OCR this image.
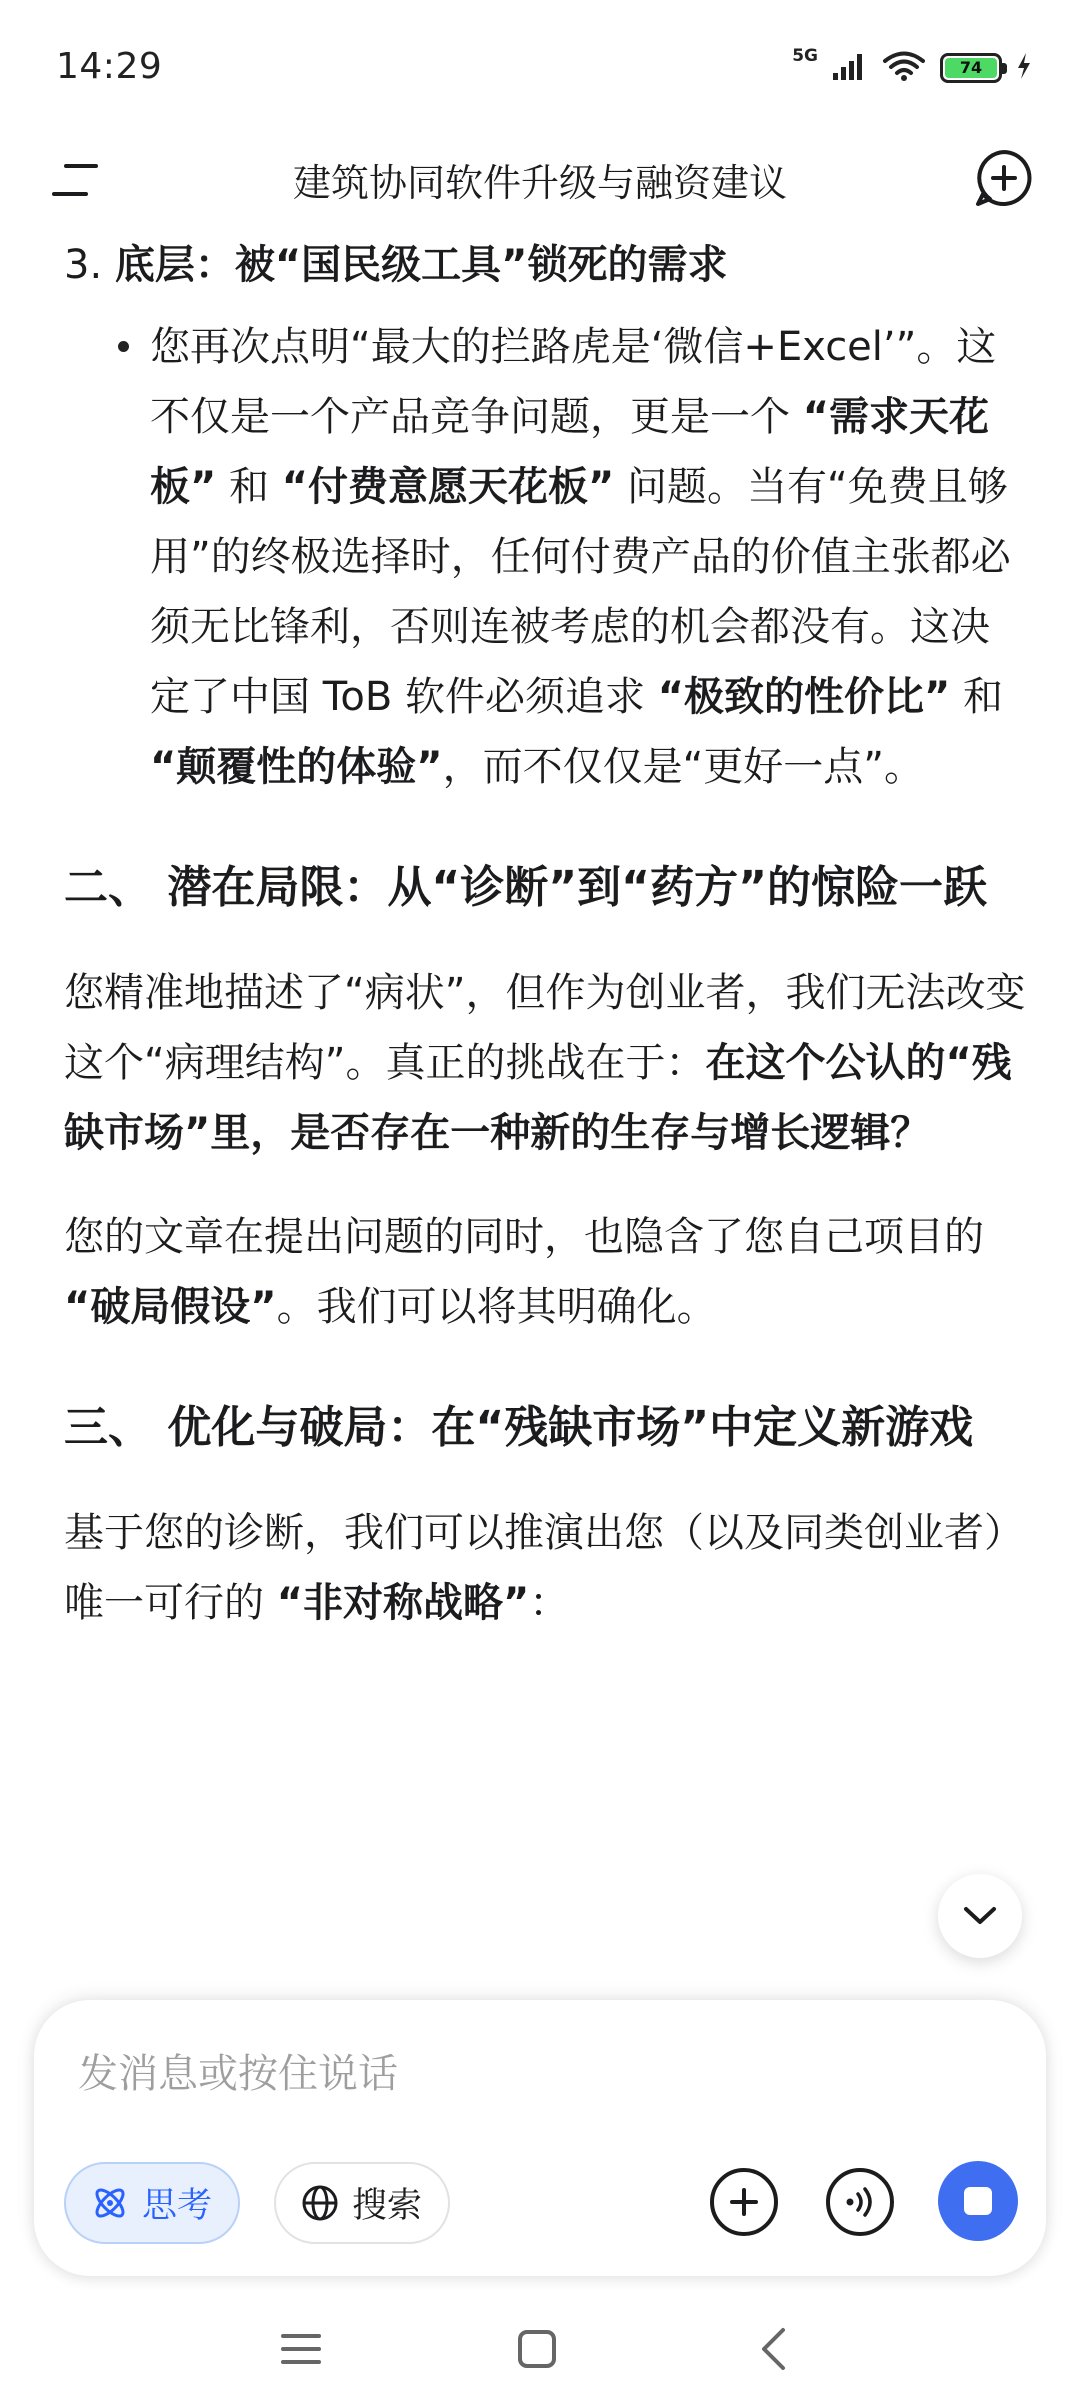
14:29	5G
74
建筑协同软件升级与融资建议
3. 底层：被“国民级工具”锁死的需求
您再次点明“最大的拦路虎是‘微信+Excel’”。这不仅是一个产品竞争问题，更是一个 “需求天花板” 和 “付费意愿天花板” 问题。当有“免费且够用”的终极选择时，任何付费产品的价值主张都必须无比锋利，否则连被考虑的机会都没有。这决定了中国 ToB 软件必须追求 “极致的性价比” 和 “颠覆性的体验”，而不仅仅是“更好一点”。
二、 潜在局限：从“诊断”到“药方”的惊险一跃
您精准地描述了“病状”，但作为创业者，我们无法改变这个“病理结构”。真正的挑战在于：在这个公认的“残缺市场”里，是否存在一种新的生存与增长逻辑？
您的文章在提出问题的同时，也隐含了您自己项目的 “破局假设”。我们可以将其明确化。
三、 优化与破局：在“残缺市场”中定义新游戏
基于您的诊断，我们可以推演出您（以及同类创业者）唯一可行的 “非对称战略”：
发消息或按住说话
思考	搜索
